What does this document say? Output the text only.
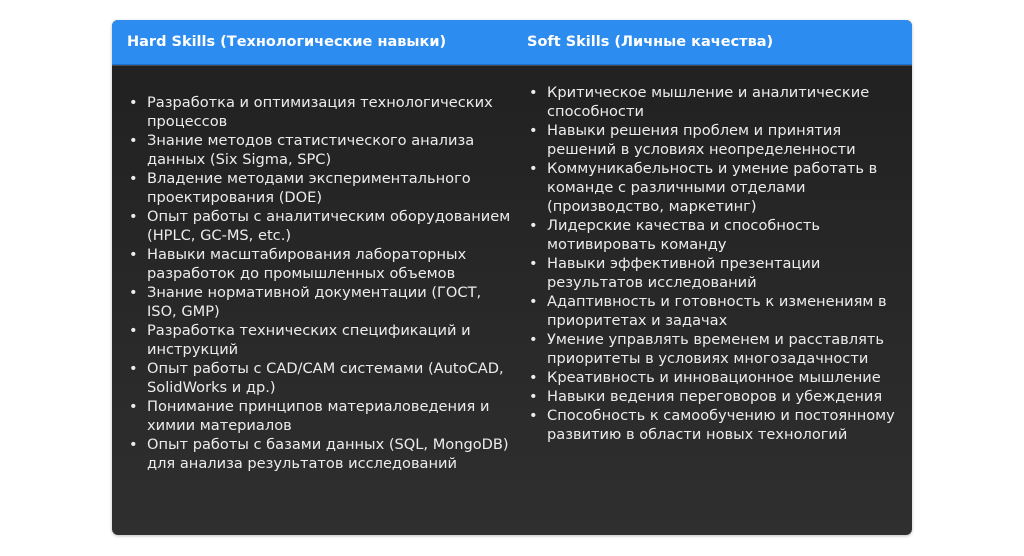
Hard Skills (Технологические навыки)	Soft Skills (Личные качества)
• Разработка и оптимизация технологических процессов
• Знание методов статистического анализа данных (Six Sigma, SPC)
• Владение методами экспериментального проектирования (DOE)
• Опыт работы с аналитическим оборудованием (HPLC, GC-MS, etc.)
• Навыки масштабирования лабораторных разработок до промышленных объемов
• Знание нормативной документации (ГОСТ, ISO, GMP)
• Разработка технических спецификаций и инструкций
• Опыт работы с CAD/CAM системами (AutoCAD, SolidWorks и др.)
• Понимание принципов материаловедения и химии материалов
• Опыт работы с базами данных (SQL, MongoDB) для анализа результатов исследований
• Критическое мышление и аналитические способности
• Навыки решения проблем и принятия решений в условиях неопределенности
• Коммуникабельность и умение работать в команде с различными отделами (производство, маркетинг)
• Лидерские качества и способность мотивировать команду
• Навыки эффективной презентации результатов исследований
• Адаптивность и готовность к изменениям в приоритетах и задачах
• Умение управлять временем и расставлять приоритеты в условиях многозадачности
• Креативность и инновационное мышление
• Навыки ведения переговоров и убеждения
• Способность к самообучению и постоянному развитию в области новых технологий
